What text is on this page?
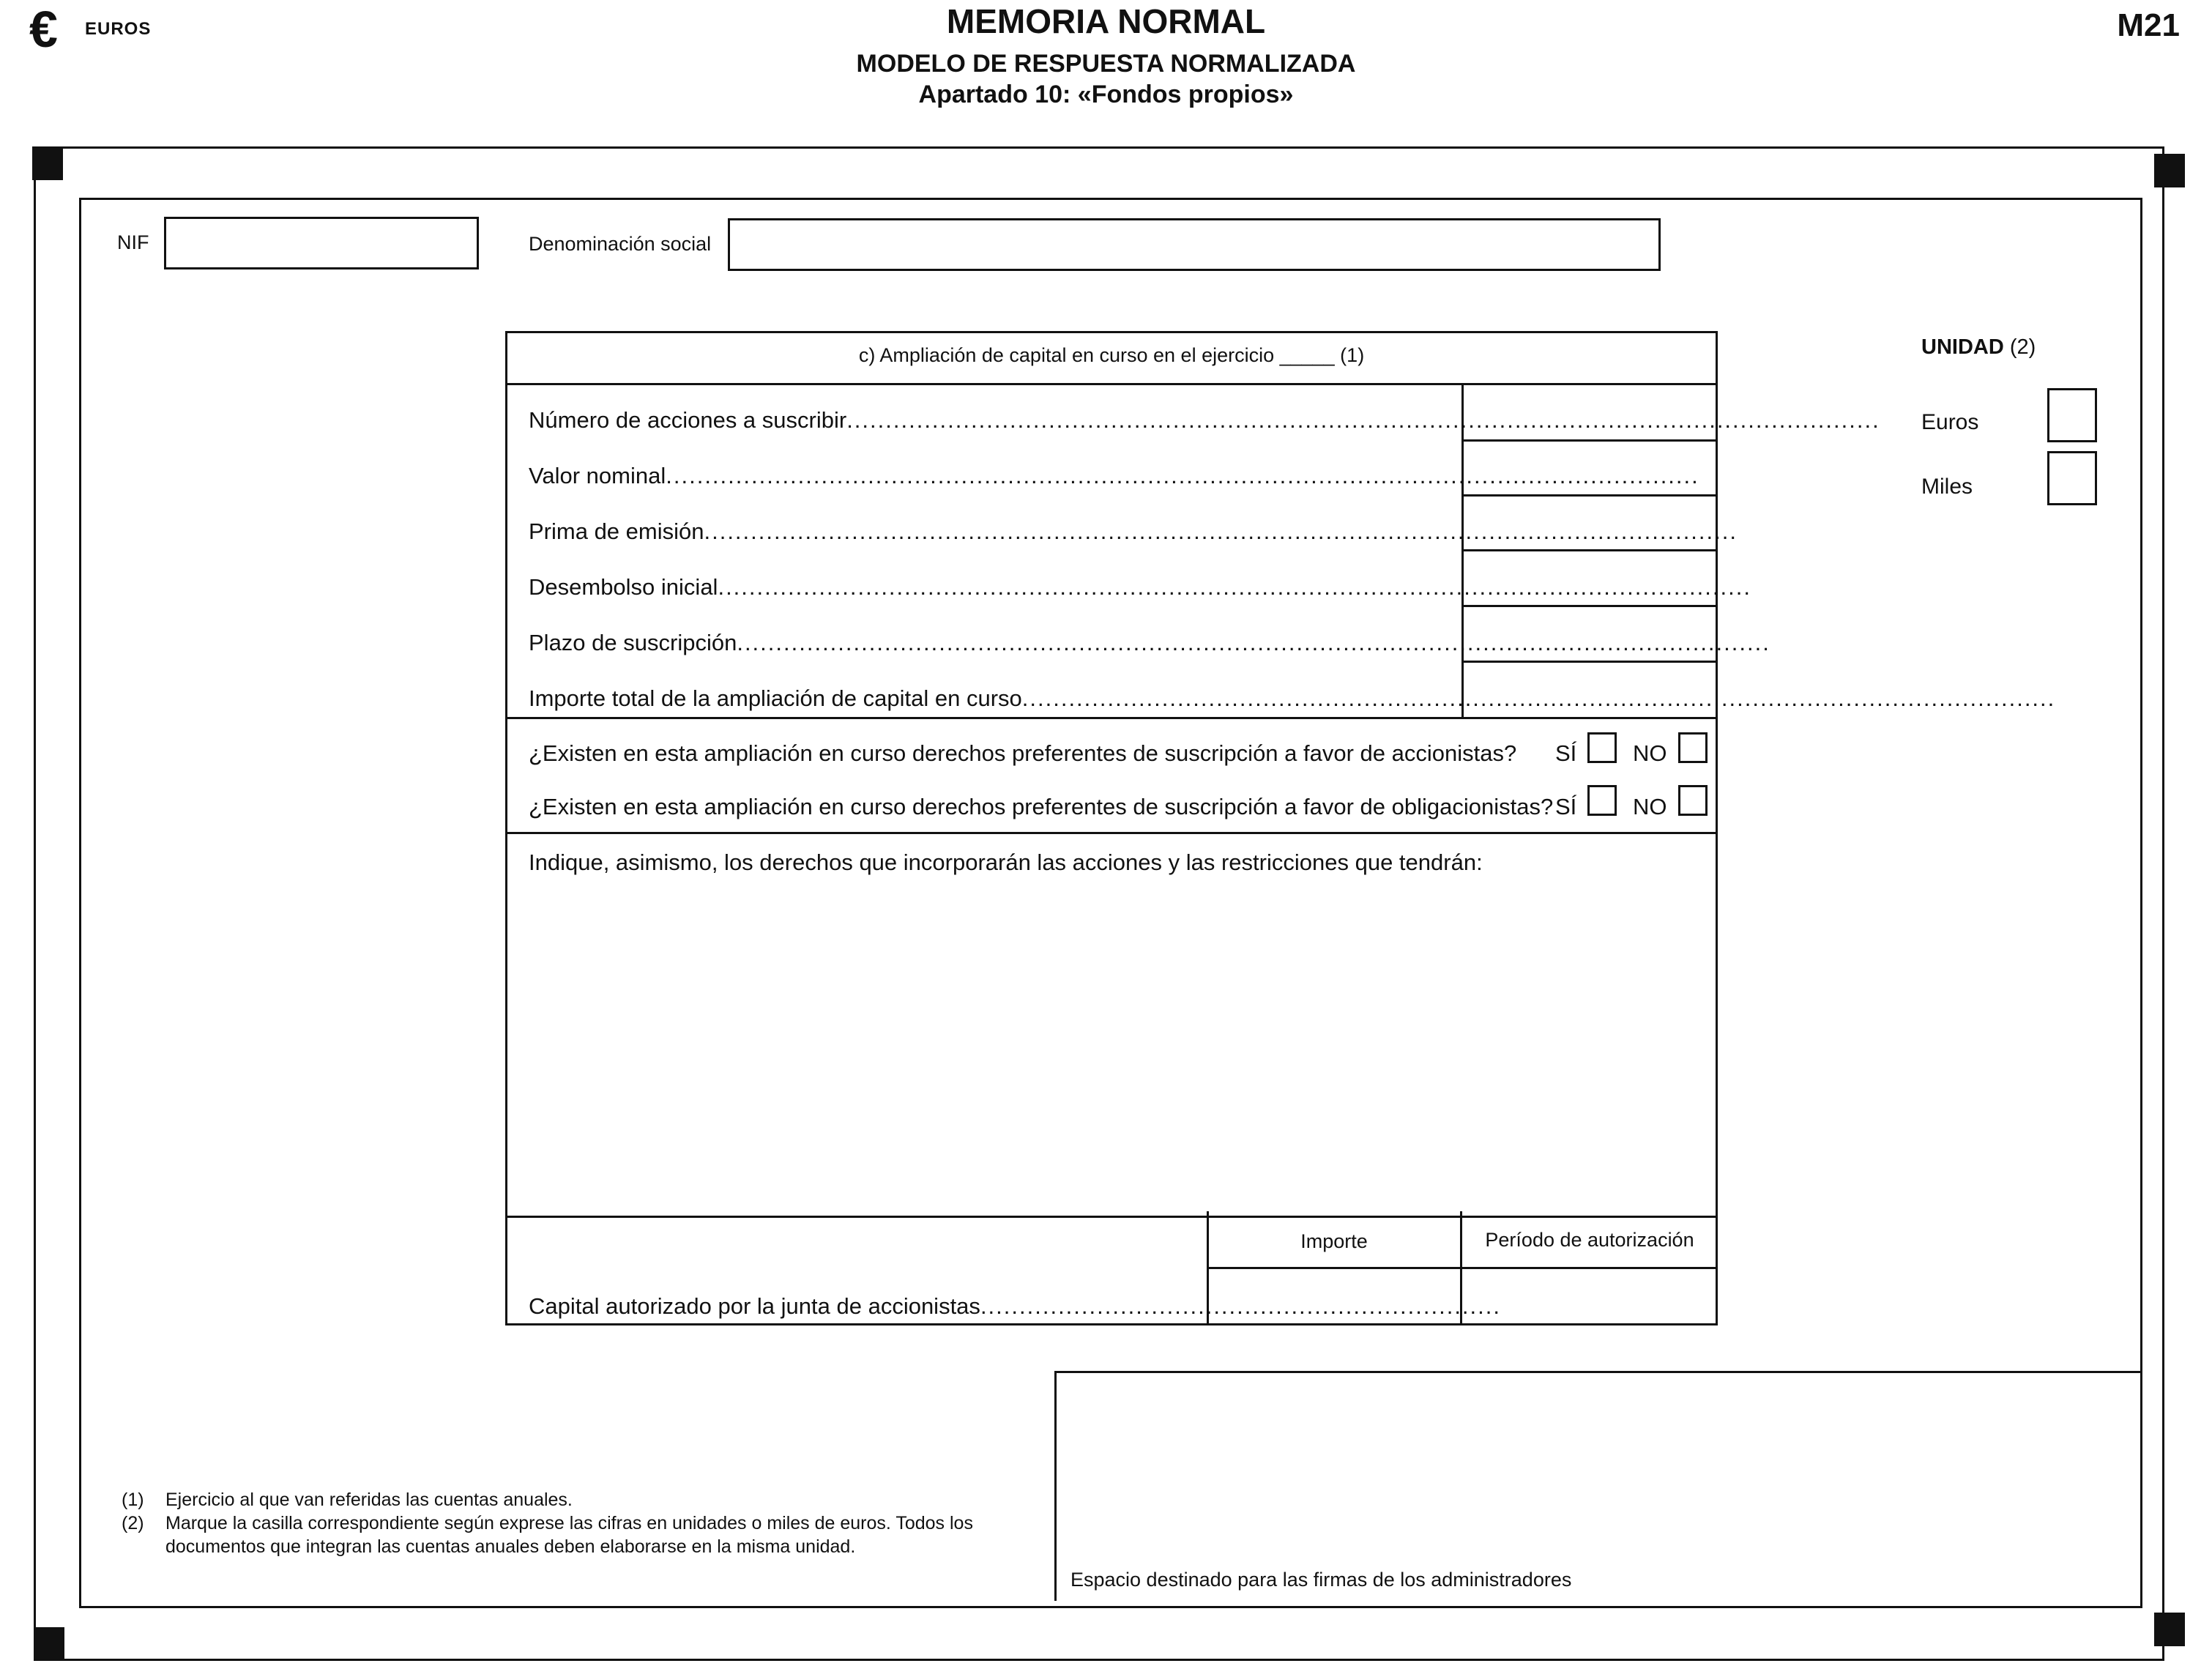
€ EUROS	MEMORIA NORMAL
MODELO DE RESPUESTA NORMALIZADA
Apartado 10: «Fondos propios»
M21
NIF	Denominación social
c) Ampliación de capital en curso en el ejercicio _____ (1)
Número de acciones a suscribir.....................................................................................................................................
Valor nominal.....................................................................................................................................
Prima de emisión.....................................................................................................................................
Desembolso inicial.....................................................................................................................................
Plazo de suscripción.....................................................................................................................................
Importe total de la ampliación de capital en curso.....................................................................................................................................
¿Existen en esta ampliación en curso derechos preferentes de suscripción a favor de accionistas? SÍ NO
¿Existen en esta ampliación en curso derechos preferentes de suscripción a favor de obligacionistas? SÍ NO
Indique, asimismo, los derechos que incorporarán las acciones y las restricciones que tendrán:
Importe	Período de autorización
Capital autorizado por la junta de accionistas...................................................................
UNIDAD (2)
Euros
Miles
Espacio destinado para las firmas de los administradores
(1) Ejercicio al que van referidas las cuentas anuales.
(2) Marque la casilla correspondiente según exprese las cifras en unidades o miles de euros. Todos los documentos que integran las cuentas anuales deben elaborarse en la misma unidad.
